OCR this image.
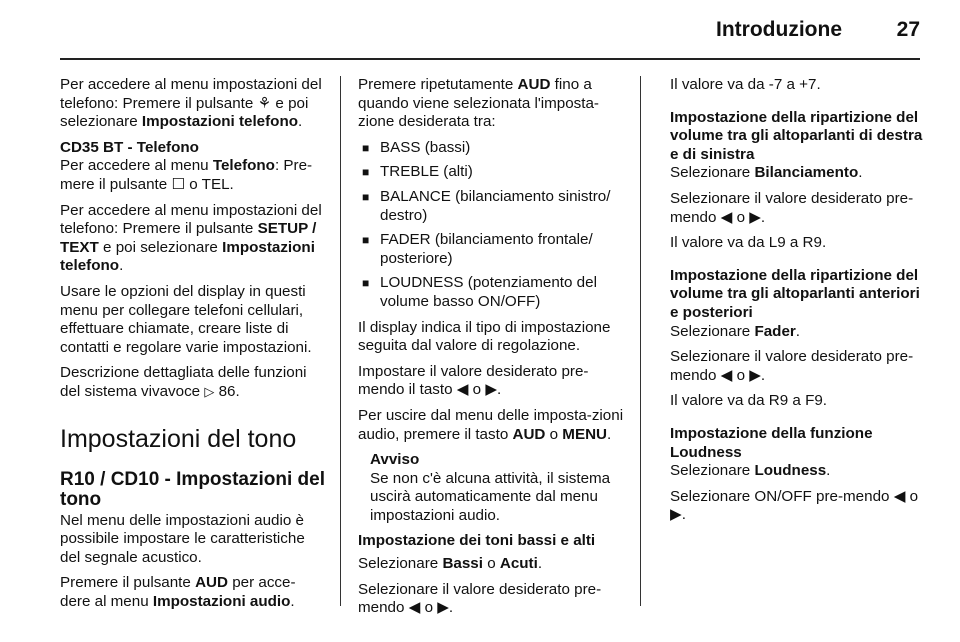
Introduzione	27

Per accedere al menu impostazioni del telefono: Premere il pulsante ⚘ e poi selezionare Impostazioni telefono.

CD35 BT - Telefono

Per accedere al menu Telefono: Pre-mere il pulsante ☐ o TEL.

Per accedere al menu impostazioni del telefono: Premere il pulsante SETUP / TEXT e poi selezionare Impostazioni telefono.

Usare le opzioni del display in questi menu per collegare telefoni cellulari, effettuare chiamate, creare liste di contatti e regolare varie impostazioni.

Descrizione dettagliata delle funzioni del sistema vivavoce ▷ 86.

Impostazioni del tono
R10 / CD10 - Impostazioni del tono

Nel menu delle impostazioni audio è possibile impostare le caratteristiche del segnale acustico.

Premere il pulsante AUD per acce-dere al menu Impostazioni audio.

Premere ripetutamente AUD fino a quando viene selezionata l'imposta-zione desiderata tra:

■ BASS (bassi)
■ TREBLE (alti)
■ BALANCE (bilanciamento sinistro/ destro)
■ FADER (bilanciamento frontale/ posteriore)
■ LOUDNESS (potenziamento del volume basso ON/OFF)

Il display indica il tipo di impostazione seguita dal valore di regolazione.

Impostare il valore desiderato pre-mendo il tasto ◀ o ▶.

Per uscire dal menu delle imposta-zioni audio, premere il tasto AUD o MENU.

Avviso

Se non c'è alcuna attività, il sistema uscirà automaticamente dal menu impostazioni audio.

Impostazione dei toni bassi e alti

Selezionare Bassi o Acuti.

Selezionare il valore desiderato pre-mendo ◀ o ▶.

Il valore va da -7 a +7.

Impostazione della ripartizione del volume tra gli altoparlanti di destra e di sinistra

Selezionare Bilanciamento.

Selezionare il valore desiderato pre-mendo ◀ o ▶.

Il valore va da L9 a R9.

Impostazione della ripartizione del volume tra gli altoparlanti anteriori e posteriori

Selezionare Fader.

Selezionare il valore desiderato pre-mendo ◀ o ▶.

Il valore va da R9 a F9.

Impostazione della funzione Loudness

Selezionare Loudness.

Selezionare ON/OFF pre-mendo ◀ o ▶.
